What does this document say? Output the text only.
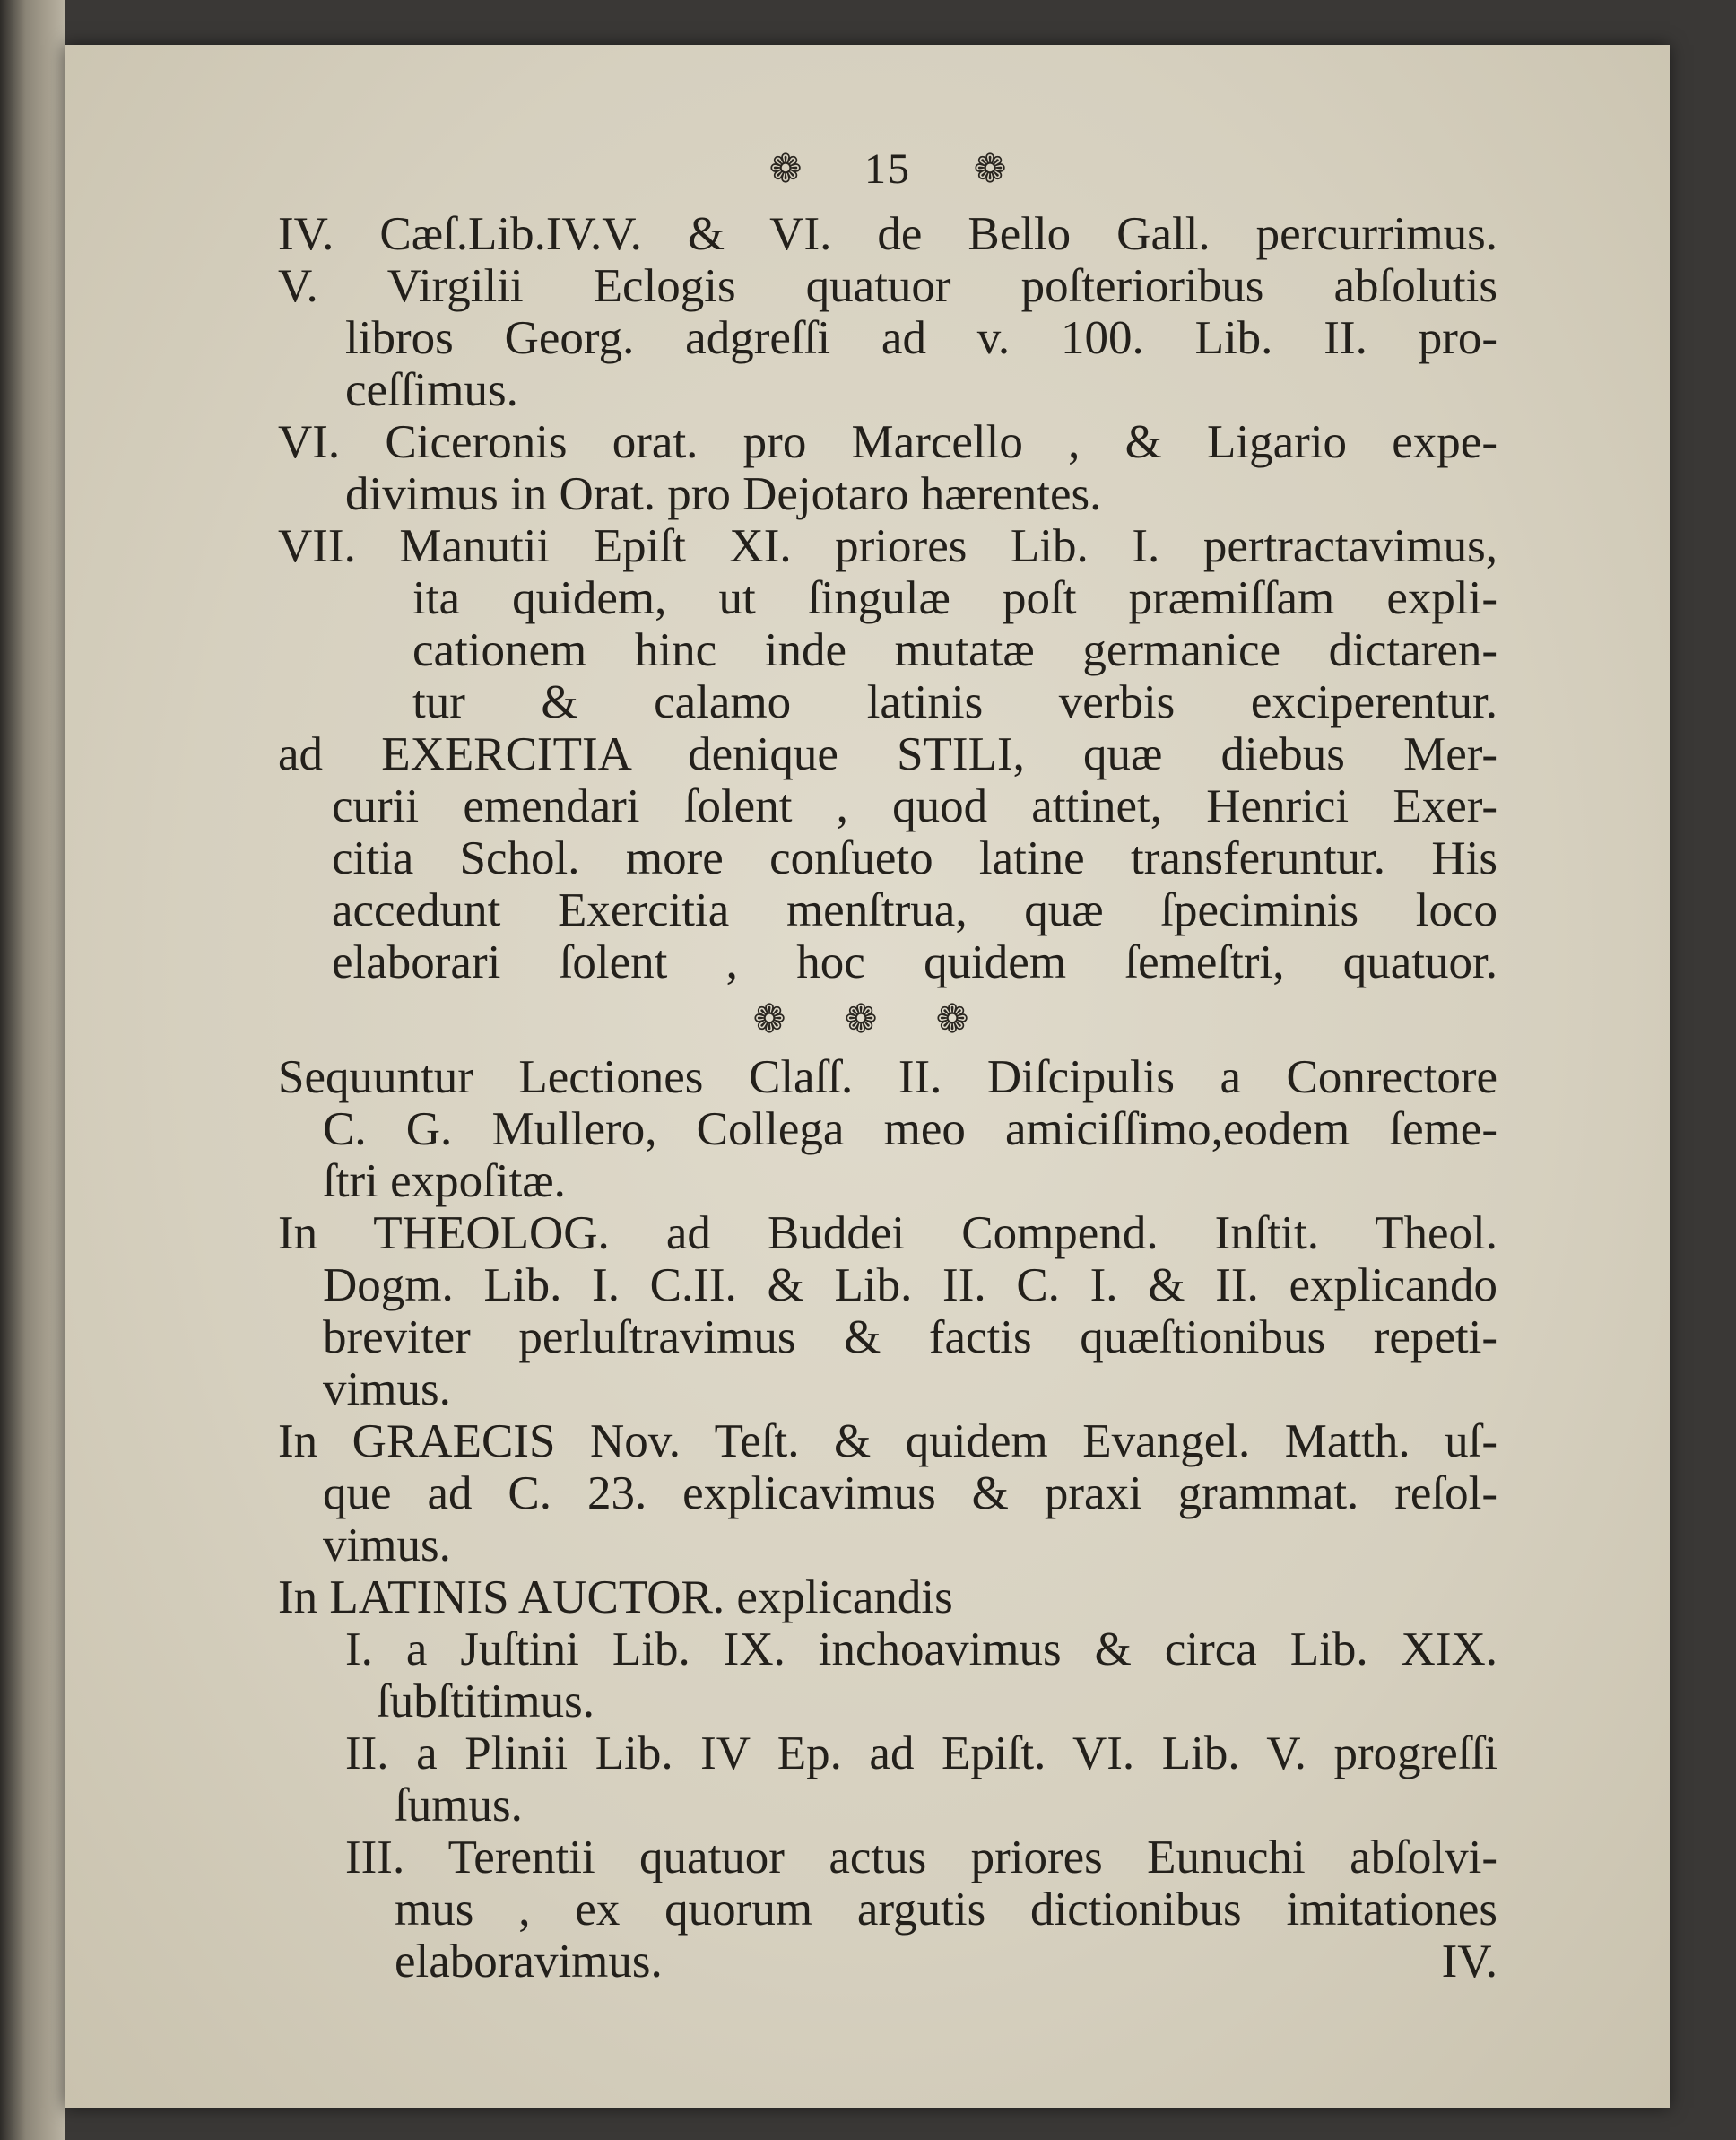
❁ 15 ❁
IV. Cæſ.Lib.IV.V. & VI. de Bello Gall. percurrimus.
V. Virgilii Eclogis quatuor poſterioribus abſolutis
libros Georg. adgreſſi ad v. 100. Lib. II. pro-
ceſſimus.
VI. Ciceronis orat. pro Marcello , & Ligario expe-
divimus in Orat. pro Dejotaro hærentes.
VII. Manutii Epiſt XI. priores Lib. I. pertractavimus,
ita quidem, ut ſingulæ poſt præmiſſam expli-
cationem hinc inde mutatæ germanice dictaren-
tur & calamo latinis verbis exciperentur.
ad EXERCITIA denique STILI, quæ diebus Mer-
curii emendari ſolent , quod attinet, Henrici Exer-
citia Schol. more conſueto latine transferuntur. His
accedunt Exercitia menſtrua, quæ ſpeciminis loco
elaborari ſolent , hoc quidem ſemeſtri, quatuor.
❁ ❁ ❁
Sequuntur Lectiones Claſſ. II. Diſcipulis a Conrectore
C. G. Mullero, Collega meo amiciſſimo,eodem ſeme-
ſtri expoſitæ.
In THEOLOG. ad Buddei Compend. Inſtit. Theol.
Dogm. Lib. I. C.II. & Lib. II. C. I. & II. explicando
breviter perluſtravimus & factis quæſtionibus repeti-
vimus.
In GRAECIS Nov. Teſt. & quidem Evangel. Matth. uſ-
que ad C. 23. explicavimus & praxi grammat. reſol-
vimus.
In LATINIS AUCTOR. explicandis
I. a Juſtini Lib. IX. inchoavimus & circa Lib. XIX.
ſubſtitimus.
II. a Plinii Lib. IV Ep. ad Epiſt. VI. Lib. V. progreſſi
ſumus.
III. Terentii quatuor actus priores Eunuchi abſolvi-
mus , ex quorum argutis dictionibus imitationes
elaboravimus.	IV.
